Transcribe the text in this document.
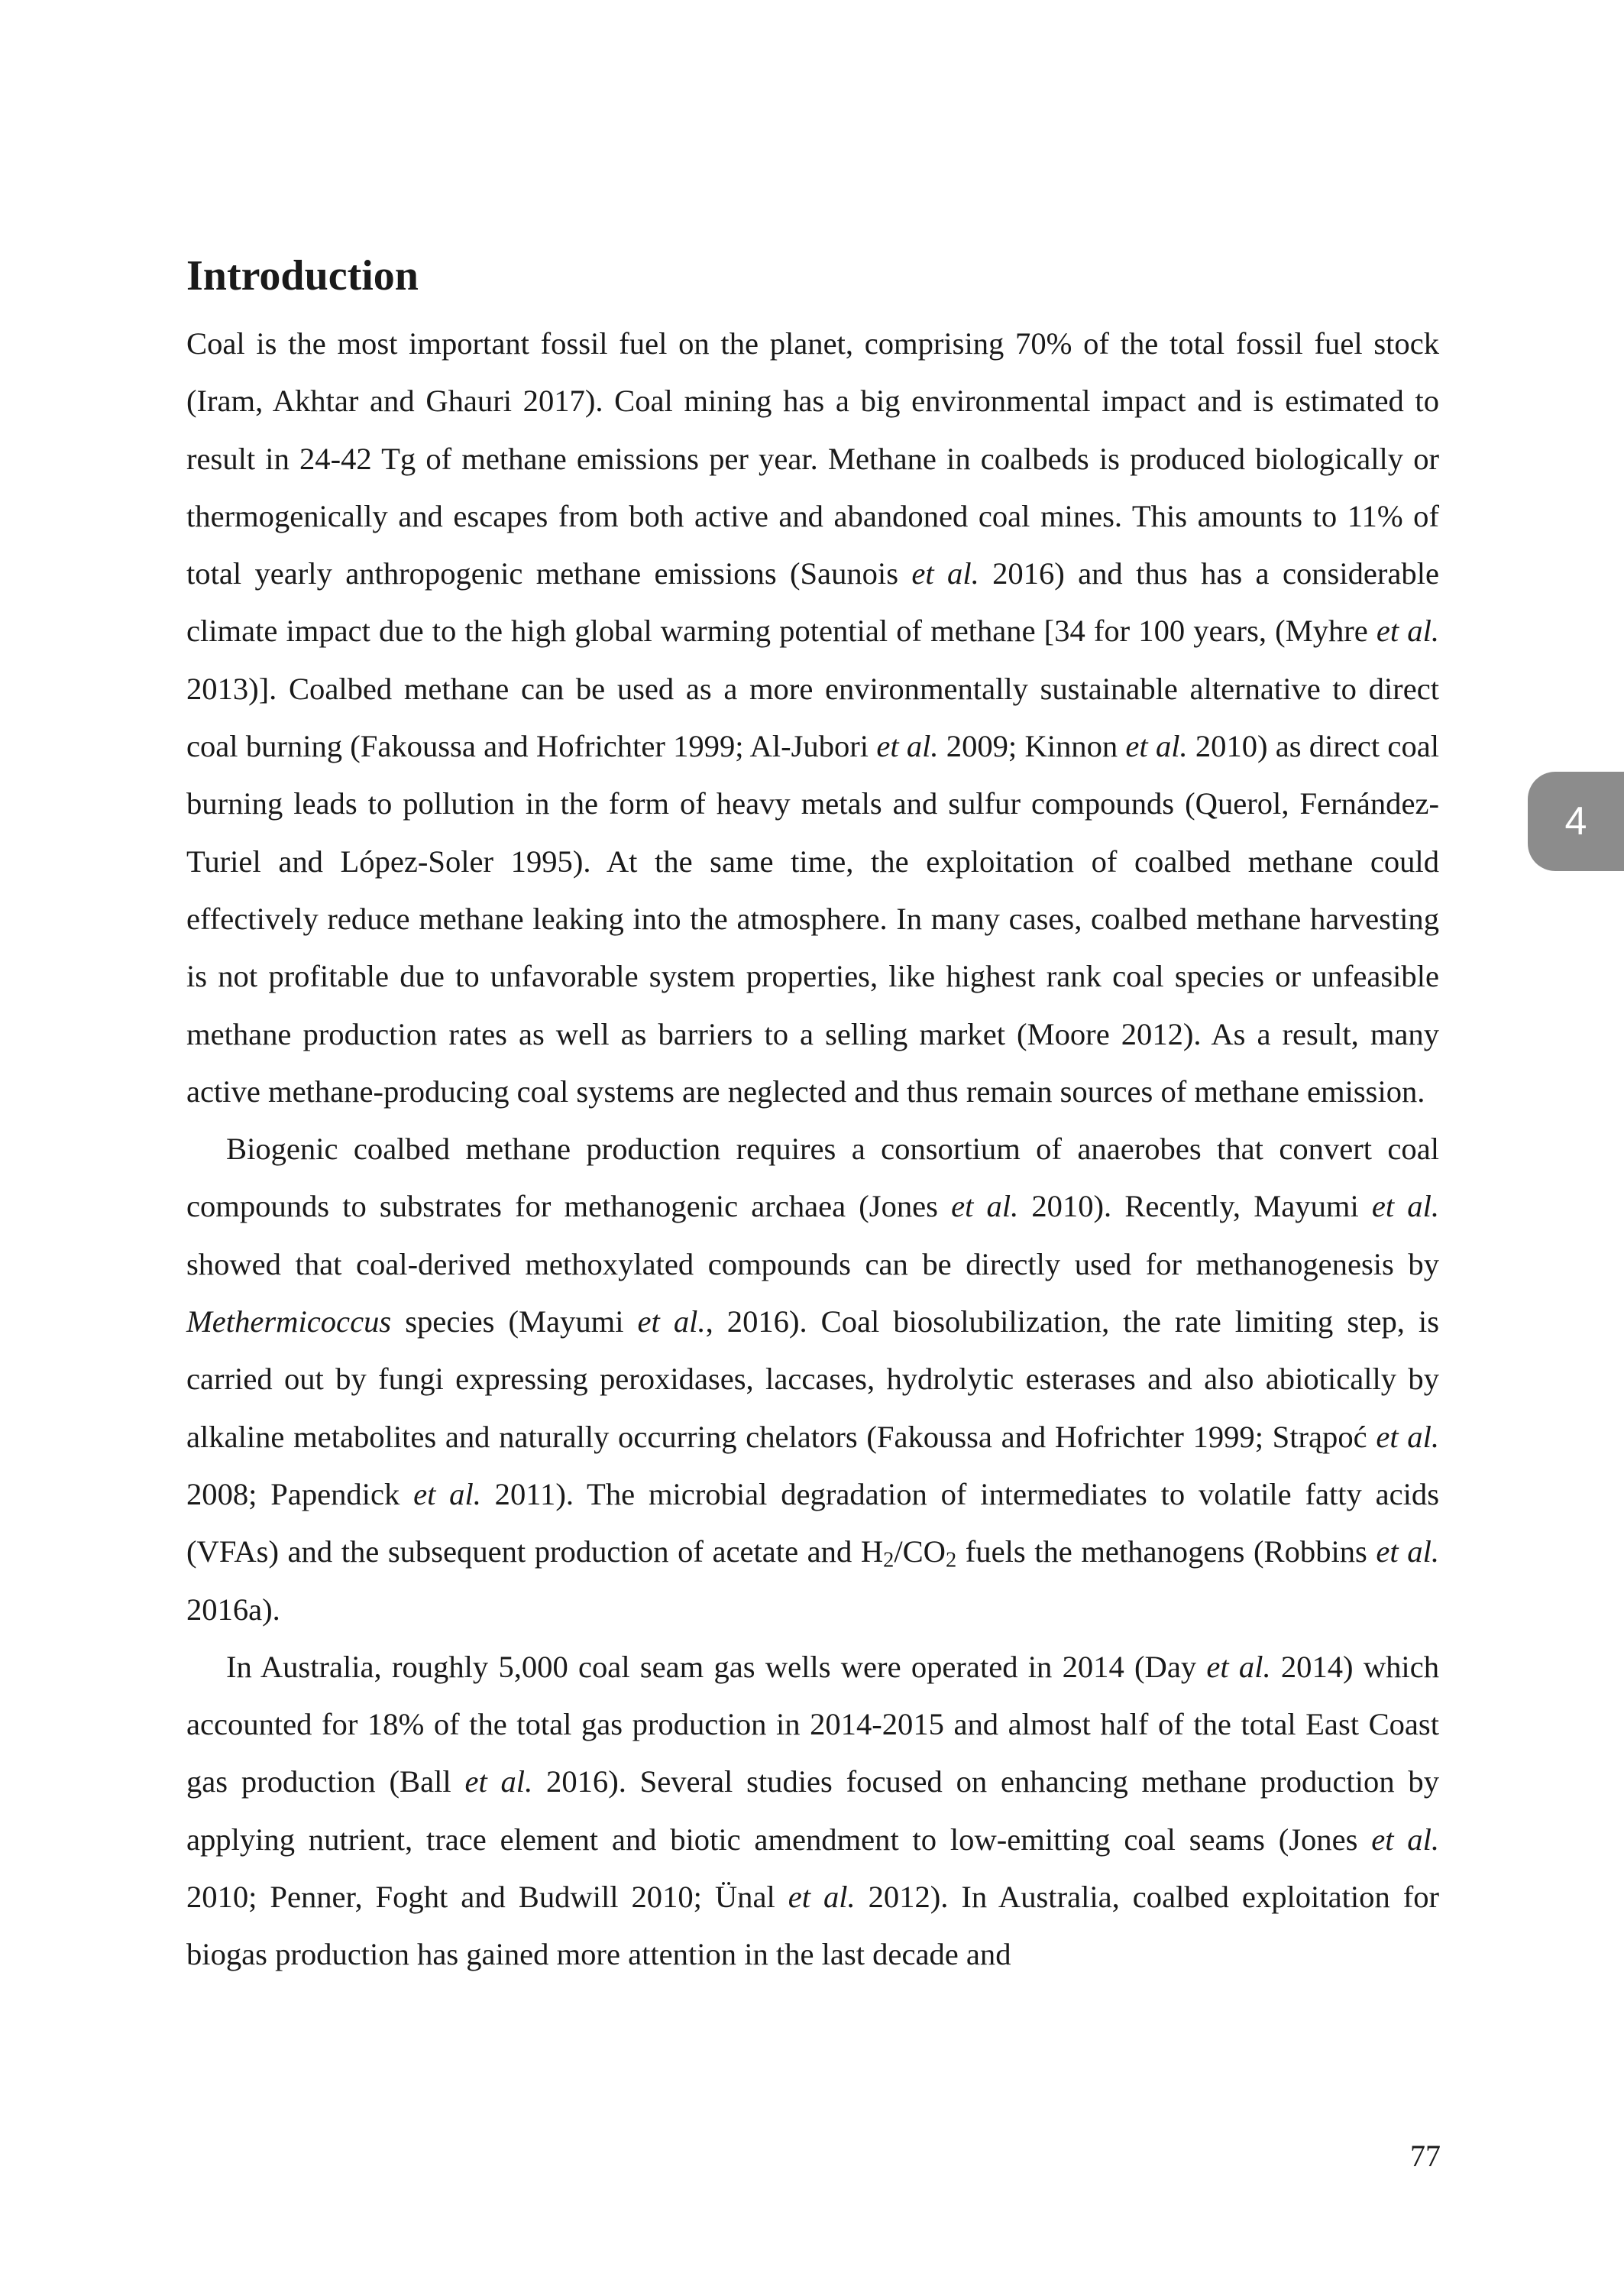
Introduction

Coal is the most important fossil fuel on the planet, comprising 70% of the total fossil fuel stock (Iram, Akhtar and Ghauri 2017). Coal mining has a big environmental impact and is estimated to result in 24-42 Tg of methane emissions per year. Methane in coalbeds is produced biologically or thermogenically and escapes from both active and abandoned coal mines. This amounts to 11% of total yearly anthropogenic methane emissions (Saunois et al. 2016) and thus has a considerable climate impact due to the high global warming potential of methane [34 for 100 years, (Myhre et al. 2013)]. Coalbed methane can be used as a more environmentally sustainable alternative to direct coal burning (Fakoussa and Hofrichter 1999; Al-Jubori et al. 2009; Kinnon et al. 2010) as direct coal burning leads to pollution in the form of heavy metals and sulfur compounds (Querol, Fernández-Turiel and López-Soler 1995). At the same time, the exploitation of coalbed methane could effectively reduce methane leaking into the atmosphere. In many cases, coalbed methane harvesting is not profitable due to unfavorable system properties, like highest rank coal species or unfeasible methane production rates as well as barriers to a selling market (Moore 2012). As a result, many active methane-producing coal systems are neglected and thus remain sources of methane emission.

Biogenic coalbed methane production requires a consortium of anaerobes that convert coal compounds to substrates for methanogenic archaea (Jones et al. 2010). Recently, Mayumi et al. showed that coal-derived methoxylated compounds can be directly used for methanogenesis by Methermicoccus species (Mayumi et al., 2016). Coal biosolubilization, the rate limiting step, is carried out by fungi expressing peroxidases, laccases, hydrolytic esterases and also abiotically by alkaline metabolites and naturally occurring chelators (Fakoussa and Hofrichter 1999; Strąpoć et al. 2008; Papendick et al. 2011). The microbial degradation of intermediates to volatile fatty acids (VFAs) and the subsequent production of acetate and $H_2/CO_2$ fuels the methanogens (Robbins et al. 2016a).

In Australia, roughly 5,000 coal seam gas wells were operated in 2014 (Day et al. 2014) which accounted for 18% of the total gas production in 2014-2015 and almost half of the total East Coast gas production (Ball et al. 2016). Several studies focused on enhancing methane production by applying nutrient, trace element and biotic amendment to low-emitting coal seams (Jones et al. 2010; Penner, Foght and Budwill 2010; Ünal et al. 2012). In Australia, coalbed exploitation for biogas production has gained more attention in the last decade and

4
77
